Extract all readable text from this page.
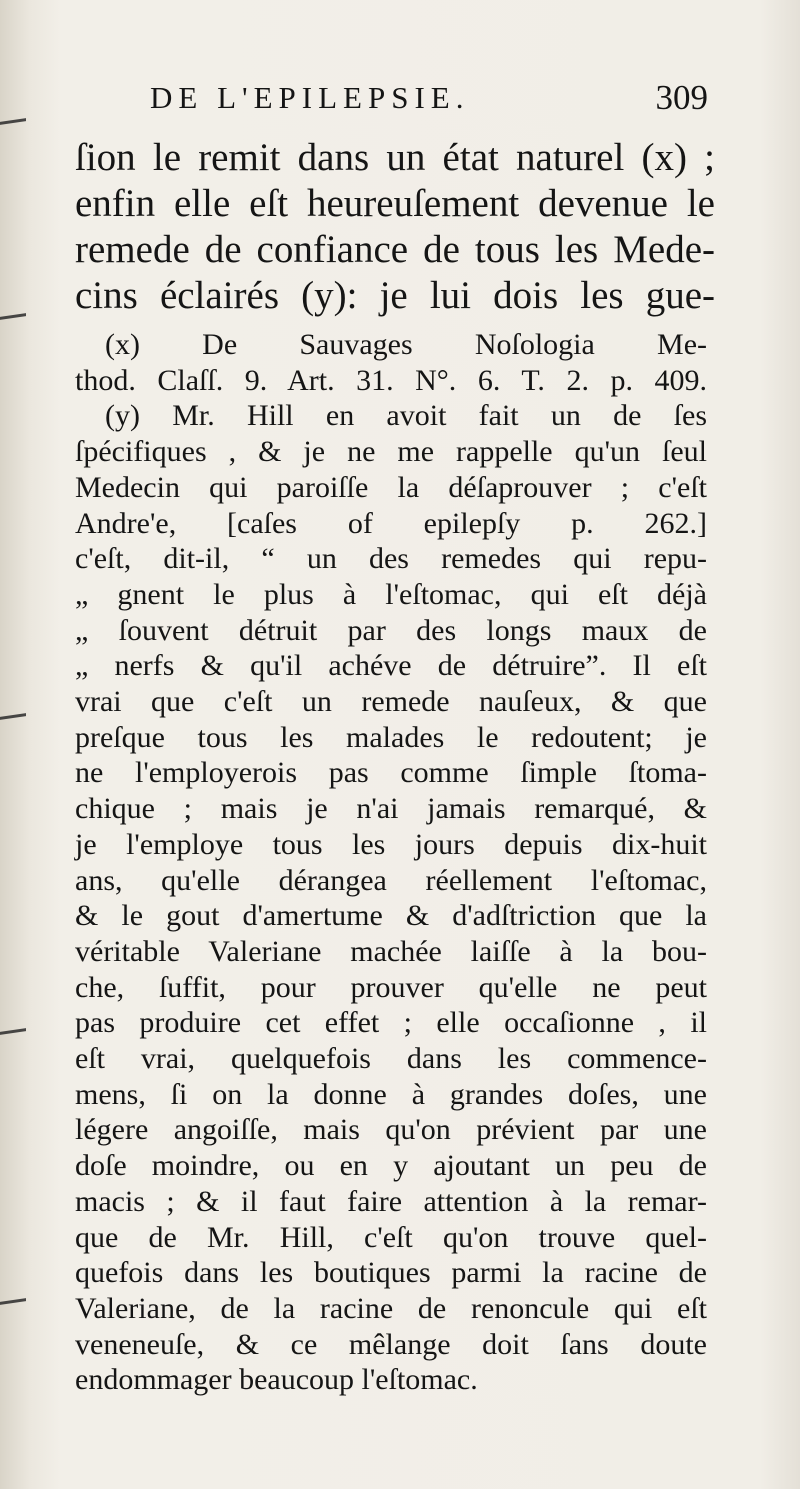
DE L'EPILEPSIE.	309
ſion le remit dans un état naturel (x) ;
enfin elle eſt heureuſement devenue le
remede de confiance de tous les Mede-
cins éclairés (y): je lui dois les gue-
(x) De Sauvages Noſologia Me-
thod. Claſſ. 9. Art. 31. N°. 6. T. 2. p. 409.
(y) Mr. Hill en avoit fait un de ſes
ſpécifiques , & je ne me rappelle qu'un ſeul
Medecin qui paroiſſe la déſaprouver ; c'eſt
Andre'e, [caſes of epilepſy p. 262.]
c'eſt, dit-il, “ un des remedes qui repu-
„ gnent le plus à l'eſtomac, qui eſt déjà
„ ſouvent détruit par des longs maux de
„ nerfs & qu'il achéve de détruire”. Il eſt
vrai que c'eſt un remede nauſeux, & que
preſque tous les malades le redoutent; je
ne l'employerois pas comme ſimple ſtoma-
chique ; mais je n'ai jamais remarqué, &
je l'employe tous les jours depuis dix-huit
ans, qu'elle dérangea réellement l'eſtomac,
& le gout d'amertume & d'adſtriction que la
véritable Valeriane machée laiſſe à la bou-
che, ſuffit, pour prouver qu'elle ne peut
pas produire cet effet ; elle occaſionne , il
eſt vrai, quelquefois dans les commence-
mens, ſi on la donne à grandes doſes, une
légere angoiſſe, mais qu'on prévient par une
doſe moindre, ou en y ajoutant un peu de
macis ; & il faut faire attention à la remar-
que de Mr. Hill, c'eſt qu'on trouve quel-
quefois dans les boutiques parmi la racine de
Valeriane, de la racine de renoncule qui eſt
veneneuſe, & ce mêlange doit ſans doute
endommager beaucoup l'eſtomac.
